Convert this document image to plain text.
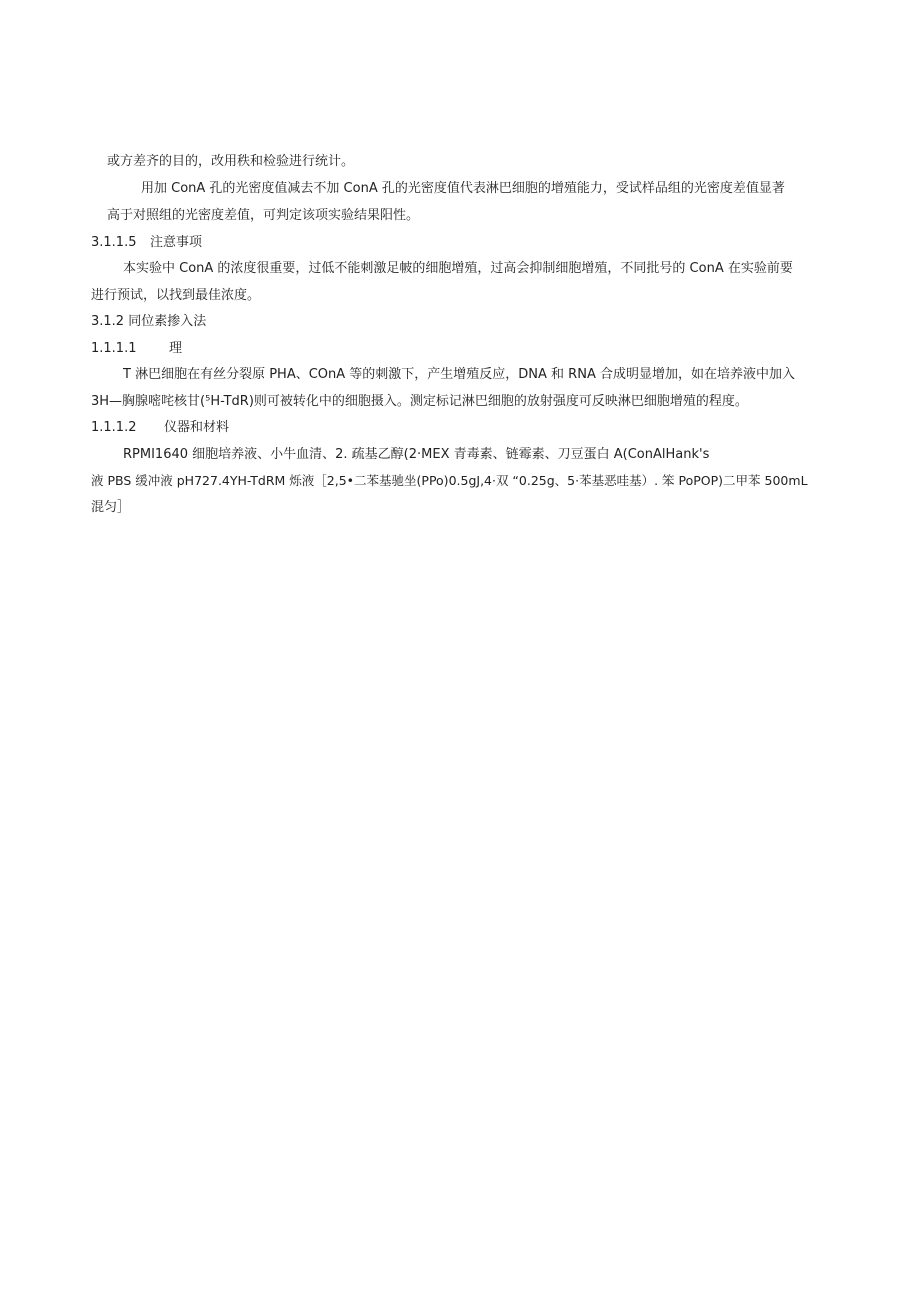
或方差齐的目的，改用秩和检验进行统计。
用加 ConA 孔的光密度值减去不加 ConA 孔的光密度值代表淋巴细胞的增殖能力，受试样品组的光密度差值显著
高于对照组的光密度差值，可判定该项实验结果阳性。
3.1.1.5 注意事项
本实验中 ConA 的浓度很重要，过低不能刺激足帔的细胞增殖，过高会抑制细胞增殖，不同批号的 ConA 在实验前要
进行预试，以找到最佳浓度。
3.1.2 同位素掺入法
1.1.1.1	理
T 淋巴细胞在有丝分裂原 PHA、COnA 等的刺激下，产生增殖反应，DNA 和 RNA 合成明显增加，如在培养液中加入
3H—胸腺嘧咤核甘(⁵H-TdR)则可被转化中的细胞摄入。测定标记淋巴细胞的放射强度可反映淋巴细胞增殖的程度。
1.1.1.2 仪器和材料
RPMI1640 细胞培养液、小牛血清、2. 疏基乙醇(2·MEX 青毒素、链霉素、刀豆蛋白 A(ConAlHank's
液 PBS 缓冲液 pH727.4YH-TdRM 烁液［2,5•二苯基驰坐(PPo)0.5gJ,4·双 “0.25g、5·苯基恶哇基）. 笨 PoPOP)二甲苯 500mL
混匀］
